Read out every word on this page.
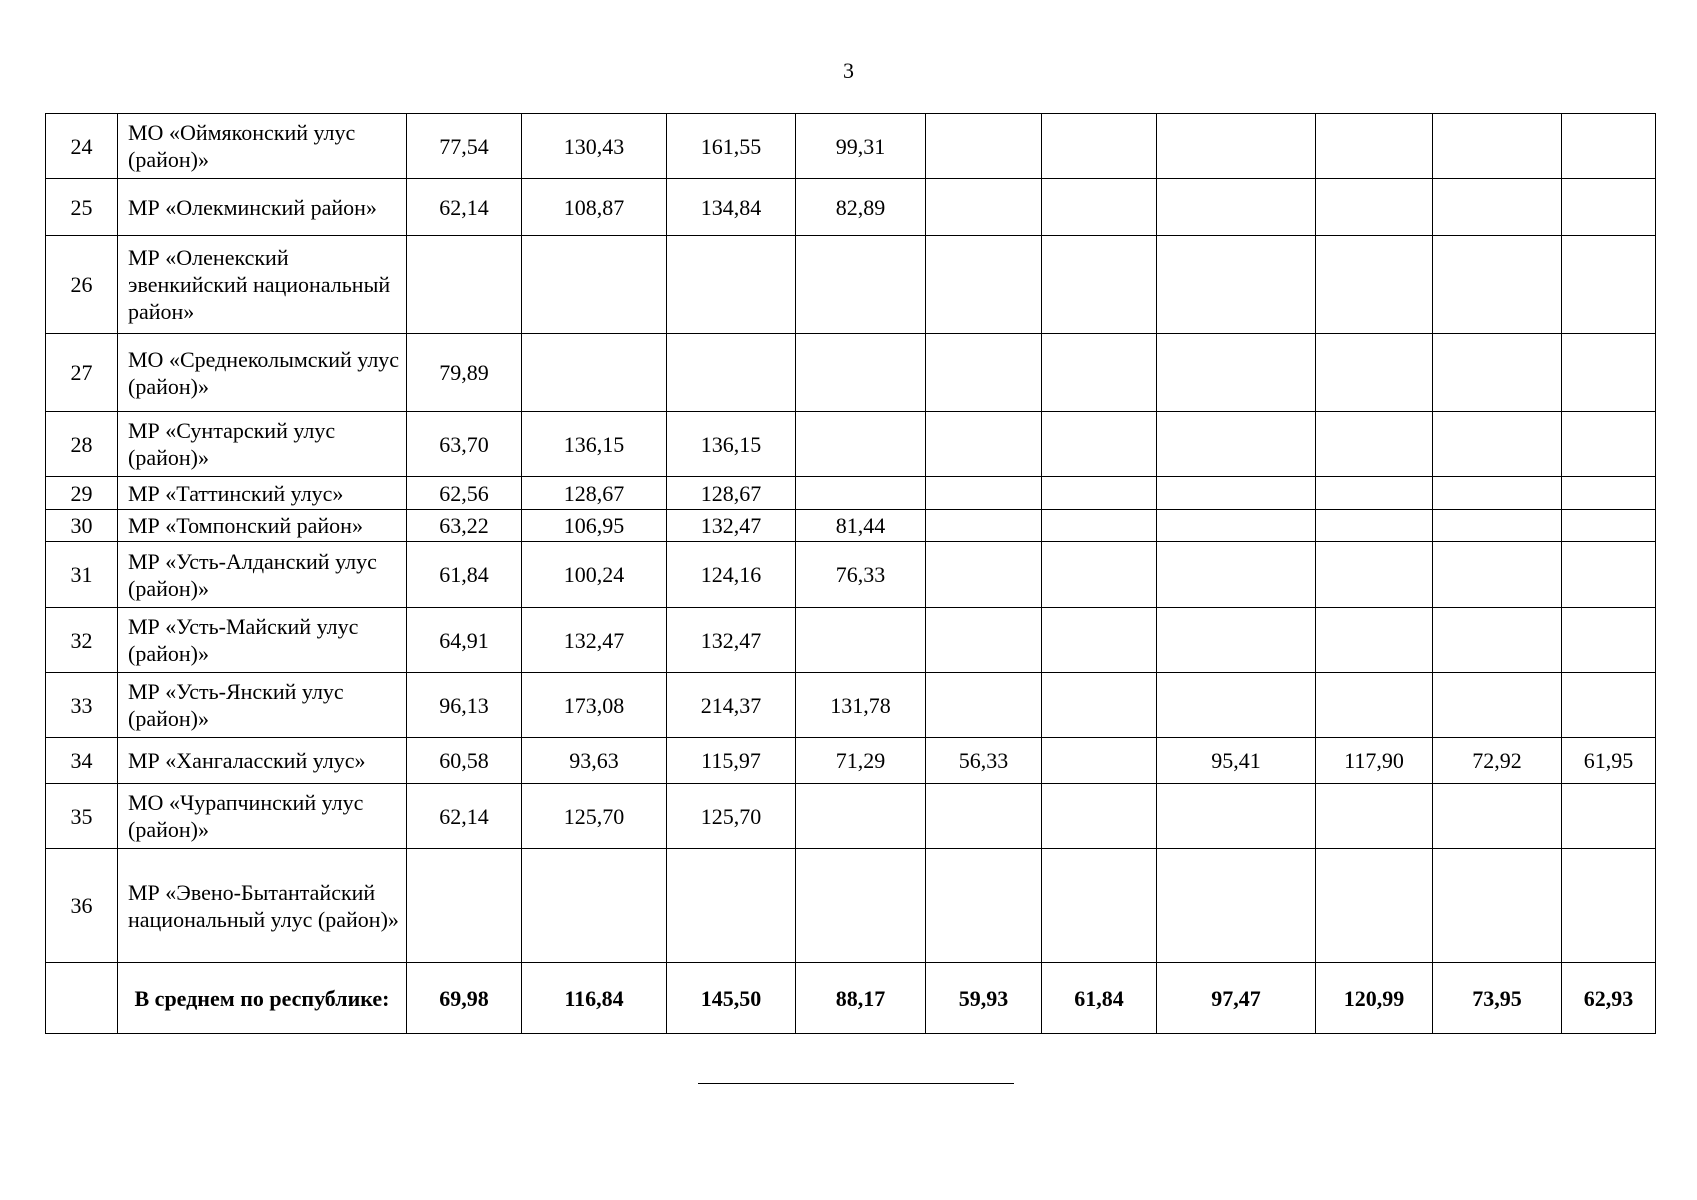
3
24	МО «Оймяконский улус (район)»	77,54	130,43	161,55	99,31						
25	МР «Олекминский район»	62,14	108,87	134,84	82,89						
26	МР «Оленекский эвенкийский национальный район»										
27	МО «Среднеколымский улус (район)»	79,89									
28	МР «Сунтарский улус (район)»	63,70	136,15	136,15							
29	МР «Таттинский улус»	62,56	128,67	128,67							
30	МР «Томпонский район»	63,22	106,95	132,47	81,44						
31	МР «Усть-Алданский улус (район)»	61,84	100,24	124,16	76,33						
32	МР «Усть-Майский улус (район)»	64,91	132,47	132,47							
33	МР «Усть-Янский улус (район)»	96,13	173,08	214,37	131,78						
34	МР «Хангаласский улус»	60,58	93,63	115,97	71,29	56,33		95,41	117,90	72,92	61,95
35	МО «Чурапчинский улус (район)»	62,14	125,70	125,70							
36	МР «Эвено-Бытантайский национальный улус (район)»										
	В среднем по республике:	69,98	116,84	145,50	88,17	59,93	61,84	97,47	120,99	73,95	62,93
